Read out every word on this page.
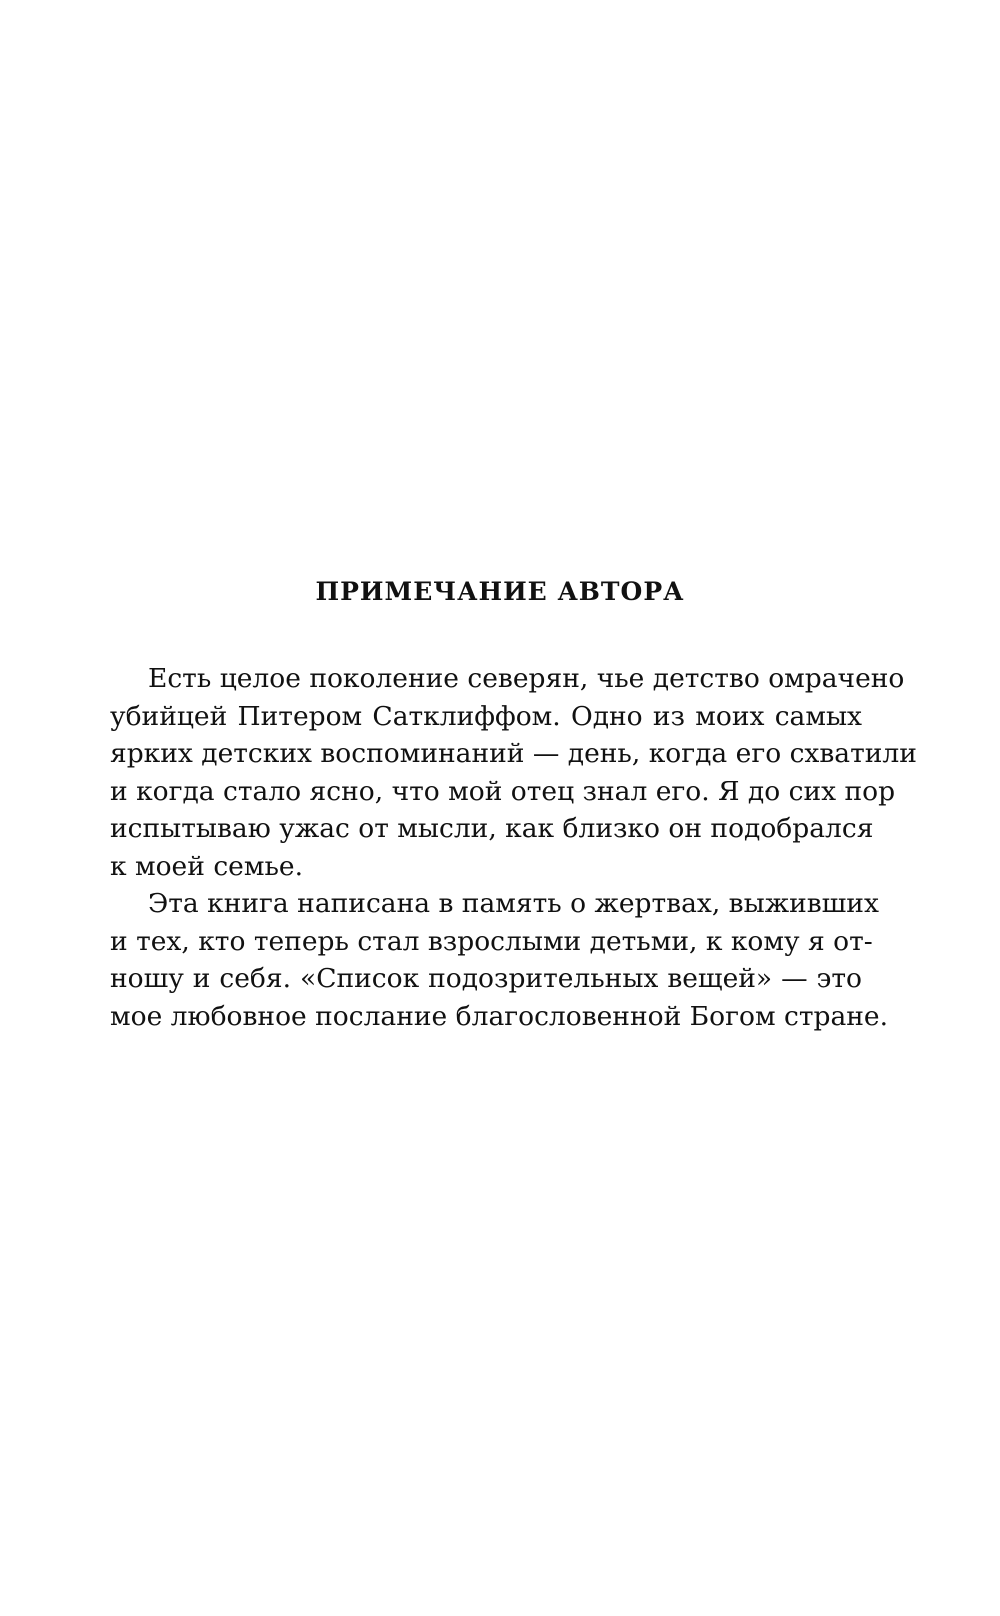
ПРИМЕЧАНИЕ АВТОРА
Есть целое поколение северян, чье детство омрачено
убийцей Питером Сатклиффом. Одно из моих самых
ярких детских воспоминаний — день, когда его схватили
и когда стало ясно, что мой отец знал его. Я до сих пор
испытываю ужас от мысли, как близко он подобрался
к моей семье.
Эта книга написана в память о жертвах, выживших
и тех, кто теперь стал взрослыми детьми, к кому я от-
ношу и себя. «Список подозрительных вещей» — это
мое любовное послание благословенной Богом стране.
